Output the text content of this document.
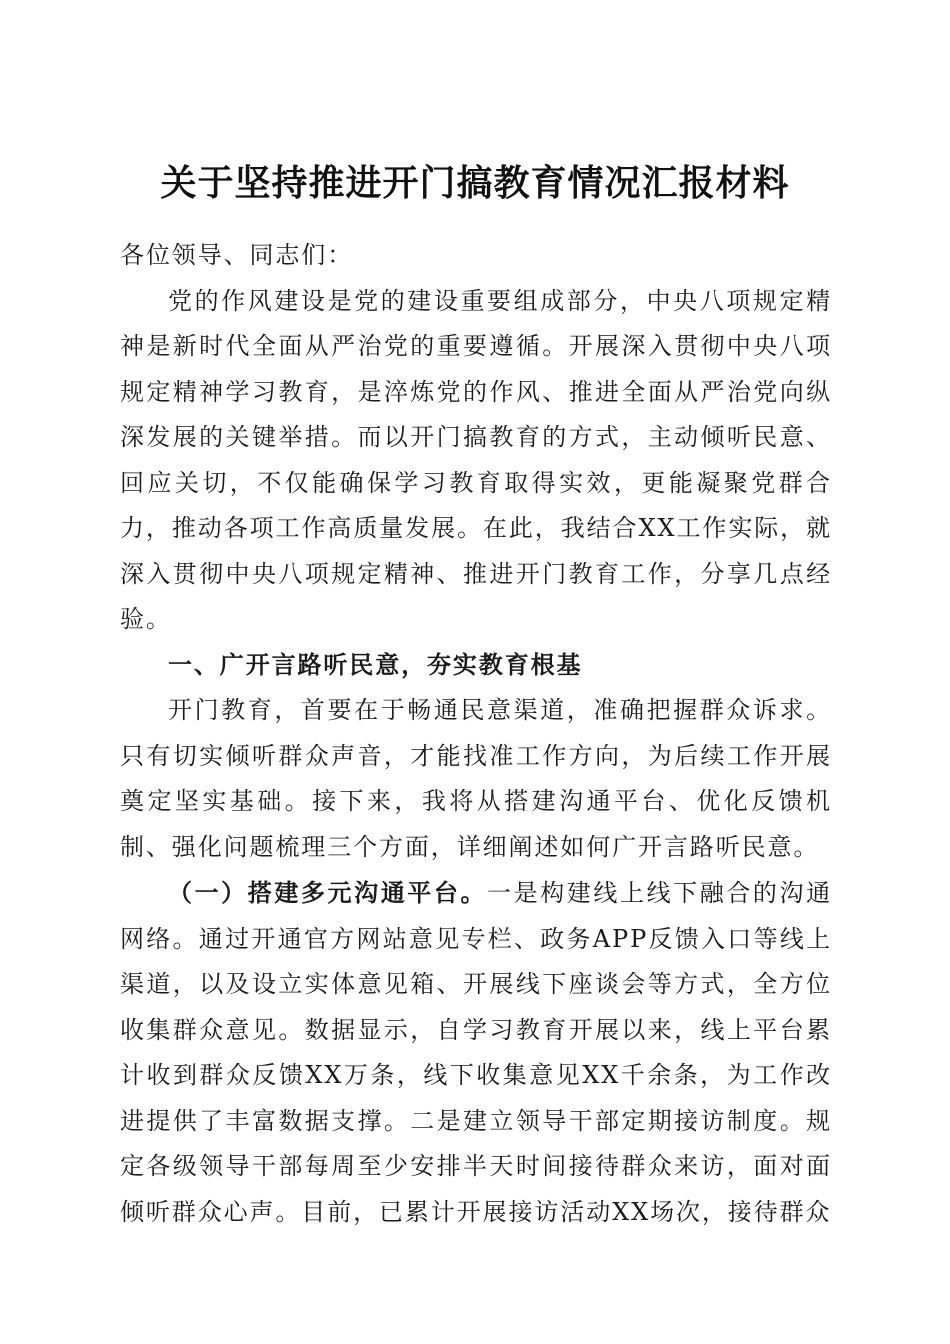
关于坚持推进开门搞教育情况汇报材料

各位领导、同志们：

党的作风建设是党的建设重要组成部分，中央八项规定精神是新时代全面从严治党的重要遵循。开展深入贯彻中央八项规定精神学习教育，是淬炼党的作风、推进全面从严治党向纵深发展的关键举措。而以开门搞教育的方式，主动倾听民意、回应关切，不仅能确保学习教育取得实效，更能凝聚党群合力，推动各项工作高质量发展。在此，我结合XX工作实际，就深入贯彻中央八项规定精神、推进开门教育工作，分享几点经验。

一、广开言路听民意，夯实教育根基

开门教育，首要在于畅通民意渠道，准确把握群众诉求。只有切实倾听群众声音，才能找准工作方向，为后续工作开展奠定坚实基础。接下来，我将从搭建沟通平台、优化反馈机制、强化问题梳理三个方面，详细阐述如何广开言路听民意。

（一）搭建多元沟通平台。一是构建线上线下融合的沟通网络。通过开通官方网站意见专栏、政务APP反馈入口等线上渠道，以及设立实体意见箱、开展线下座谈会等方式，全方位收集群众意见。数据显示，自学习教育开展以来，线上平台累计收到群众反馈XX万条，线下收集意见XX千余条，为工作改进提供了丰富数据支撑。二是建立领导干部定期接访制度。规定各级领导干部每周至少安排半天时间接待群众来访，面对面倾听群众心声。目前，已累计开展接访活动XX场次，接待群众
